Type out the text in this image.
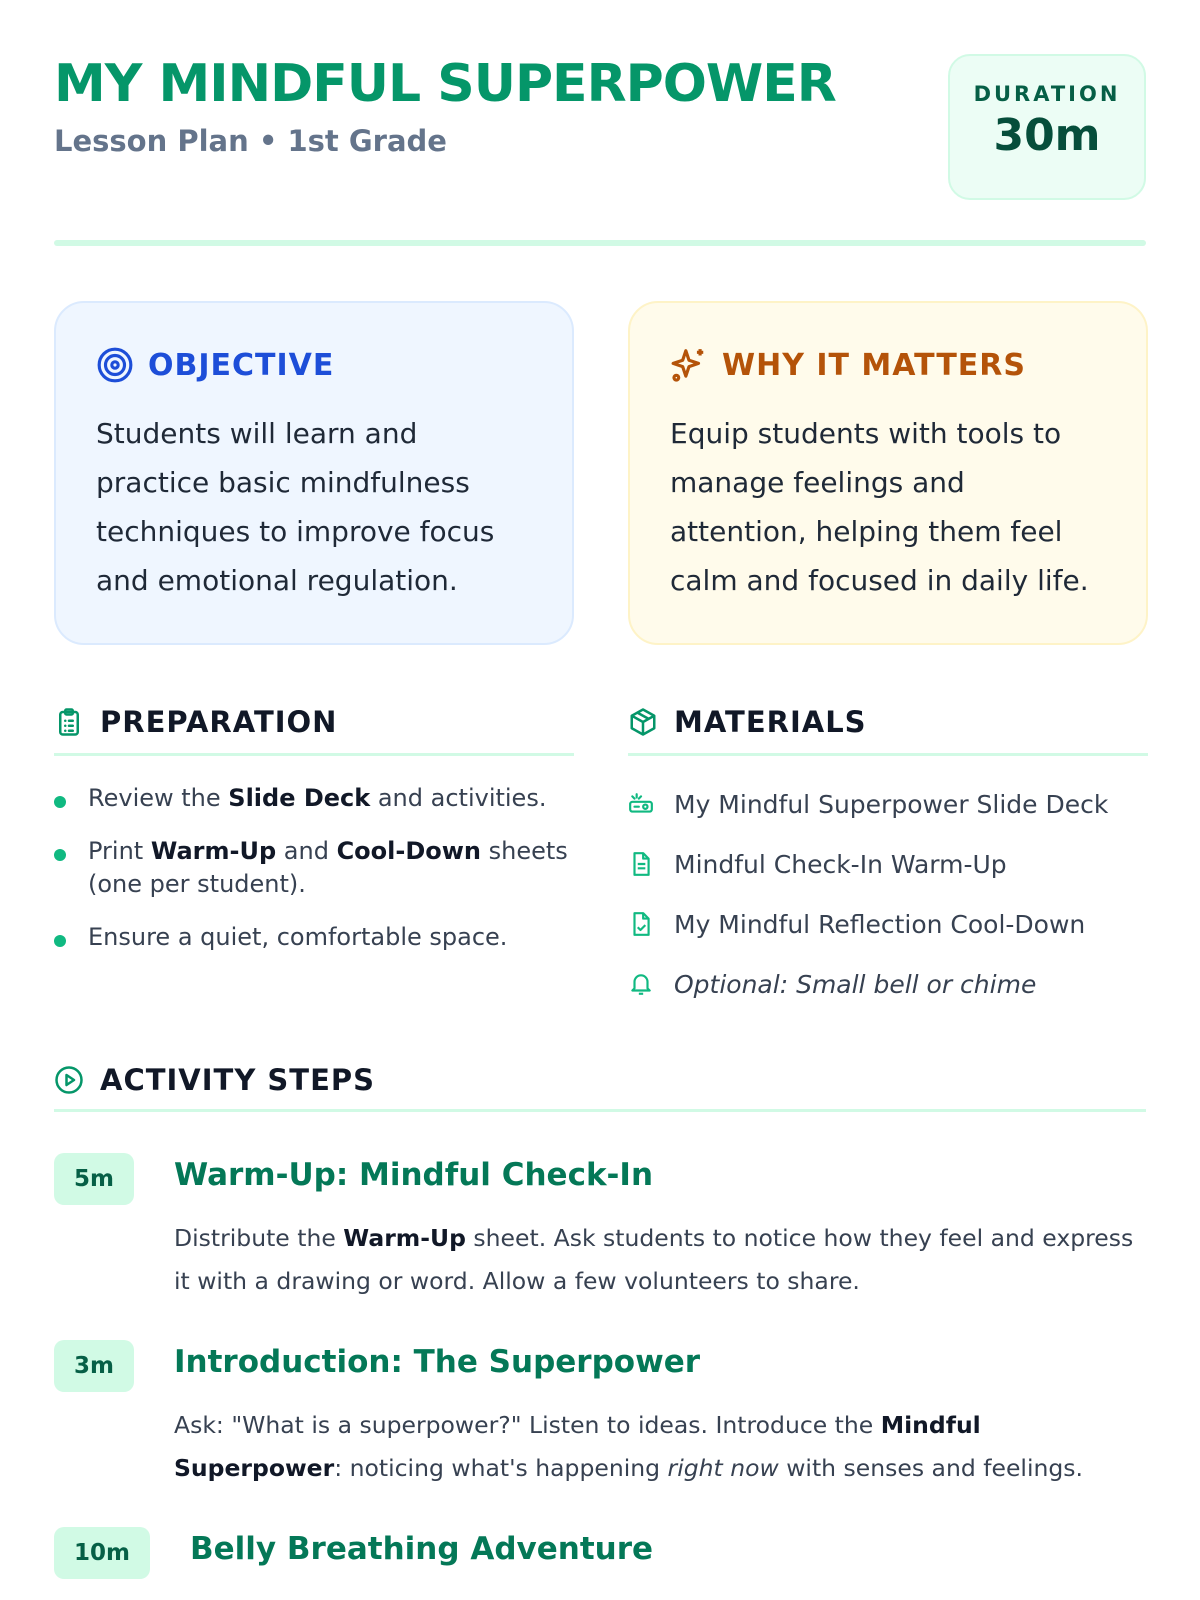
MY MINDFUL SUPERPOWER
Lesson Plan • 1st Grade
DURATION
30m
OBJECTIVE
Students will learn and practice basic mindfulness techniques to improve focus and emotional regulation.
WHY IT MATTERS
Equip students with tools to manage feelings and attention, helping them feel calm and focused in daily life.
PREPARATION
Review the Slide Deck and activities.
Print Warm-Up and Cool-Down sheets (one per student).
Ensure a quiet, comfortable space.
MATERIALS
My Mindful Superpower Slide Deck
Mindful Check-In Warm-Up
My Mindful Reflection Cool-Down
Optional: Small bell or chime
ACTIVITY STEPS
5m	Warm-Up: Mindful Check-In
Distribute the Warm-Up sheet. Ask students to notice how they feel and express it with a drawing or word. Allow a few volunteers to share.
3m	Introduction: The Superpower
Ask: "What is a superpower?" Listen to ideas. Introduce the Mindful Superpower: noticing what's happening right now with senses and feelings.
10m	Belly Breathing Adventure
